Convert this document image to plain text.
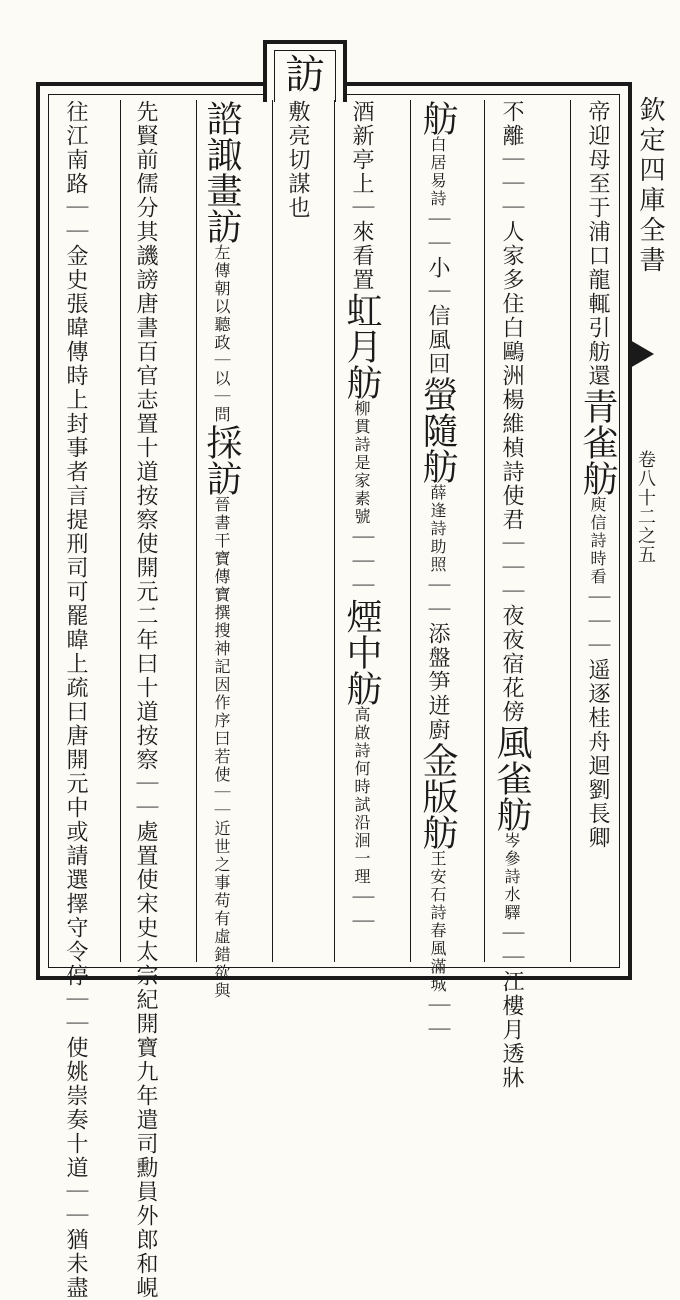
訪
欽定四庫全書
卷八十二之五
帝迎母至于浦口龍輒引舫還青雀舫庾信詩時看｜｜｜遥逐桂舟迴劉長卿
不離｜｜｜人家多住白鷗洲楊維楨詩使君｜｜｜夜夜宿花傍風雀舫岑參詩水驛｜｜江樓月透牀
舫白居易詩｜｜小｜信風回螢隨舫薛逢詩助照｜｜添盤笋迸廚金版舫王安石詩春風滿城｜｜
酒新亭上｜來看置虹月舫柳貫詩是家素號｜｜｜煙中舫高啟詩何時試沿洄一理｜｜
敷亮切謀也
諮諏畫訪左傳朝以聽政｜以｜問採訪晉書干寶傳寶撰搜神記因作序曰若使｜｜近世之事苟有虛錯欲與
先賢前儒分其譏謗唐書百官志置十道按察使開元二年曰十道按察｜｜處置使宋史太宗紀開寶九年遣司勳員外郎和峴
往江南路｜｜金史張暐傳時上封事者言提刑司可罷暐上疏曰唐開元中或請選擇守令停｜｜使姚崇奏十道｜｜猶未盡
